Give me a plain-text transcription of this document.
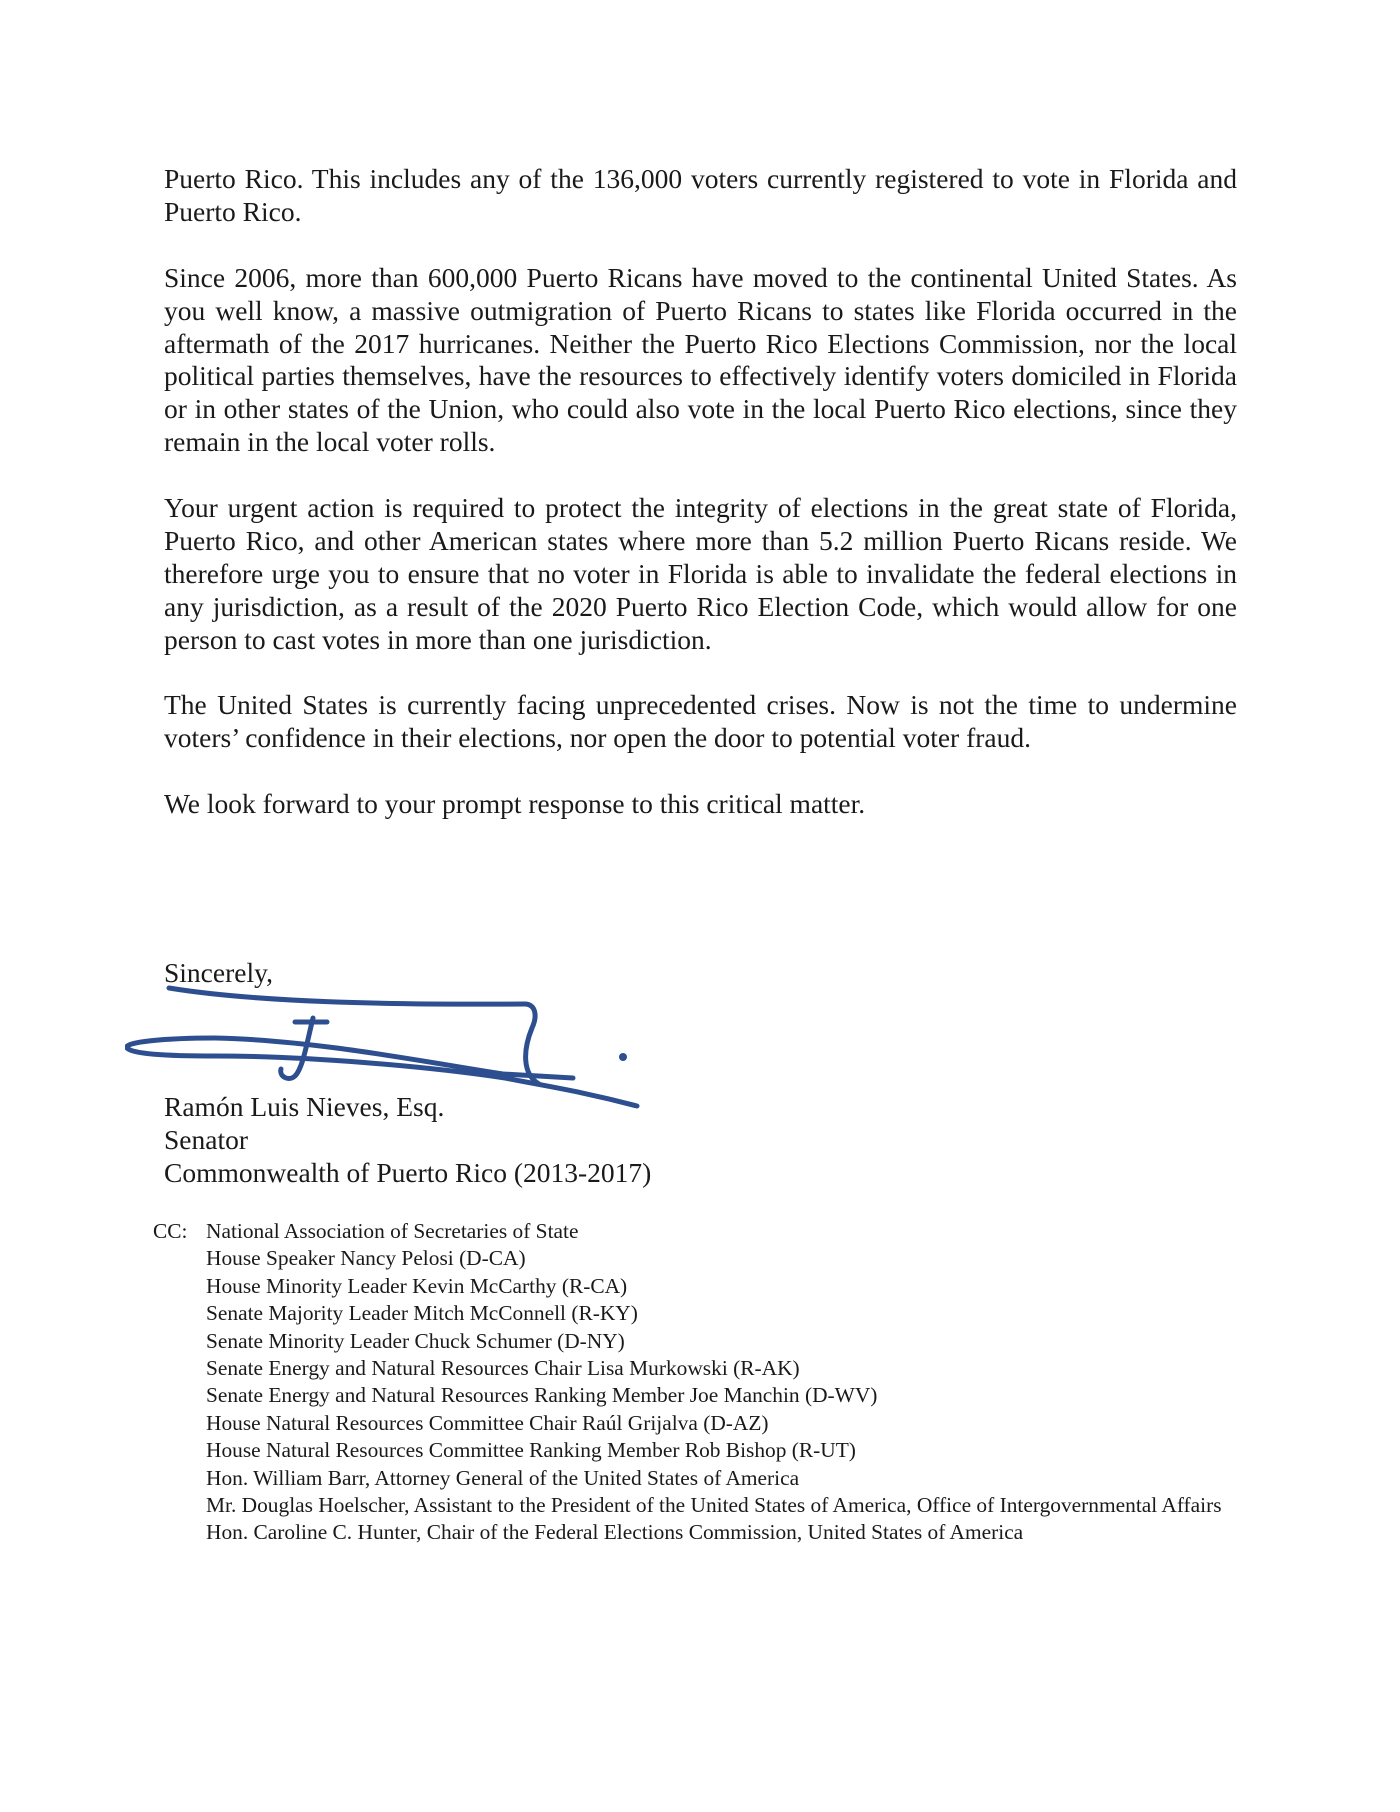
Puerto Rico. This includes any of the 136,000 voters currently registered to vote in Florida and Puerto Rico.

Since 2006, more than 600,000 Puerto Ricans have moved to the continental United States. As you well know, a massive outmigration of Puerto Ricans to states like Florida occurred in the aftermath of the 2017 hurricanes. Neither the Puerto Rico Elections Commission, nor the local political parties themselves, have the resources to effectively identify voters domiciled in Florida or in other states of the Union, who could also vote in the local Puerto Rico elections, since they remain in the local voter rolls.

Your urgent action is required to protect the integrity of elections in the great state of Florida, Puerto Rico, and other American states where more than 5.2 million Puerto Ricans reside. We therefore urge you to ensure that no voter in Florida is able to invalidate the federal elections in any jurisdiction, as a result of the 2020 Puerto Rico Election Code, which would allow for one person to cast votes in more than one jurisdiction.

The United States is currently facing unprecedented crises. Now is not the time to undermine voters’ confidence in their elections, nor open the door to potential voter fraud.

We look forward to your prompt response to this critical matter.

Sincerely,
Ramón Luis Nieves, Esq.
Senator
Commonwealth of Puerto Rico (2013-2017)
CC: National Association of Secretaries of State
House Speaker Nancy Pelosi (D-CA)
House Minority Leader Kevin McCarthy (R-CA)
Senate Majority Leader Mitch McConnell (R-KY)
Senate Minority Leader Chuck Schumer (D-NY)
Senate Energy and Natural Resources Chair Lisa Murkowski (R-AK)
Senate Energy and Natural Resources Ranking Member Joe Manchin (D-WV)
House Natural Resources Committee Chair Raúl Grijalva (D-AZ)
House Natural Resources Committee Ranking Member Rob Bishop (R-UT)
Hon. William Barr, Attorney General of the United States of America
Mr. Douglas Hoelscher, Assistant to the President of the United States of America, Office of Intergovernmental Affairs
Hon. Caroline C. Hunter, Chair of the Federal Elections Commission, United States of America
